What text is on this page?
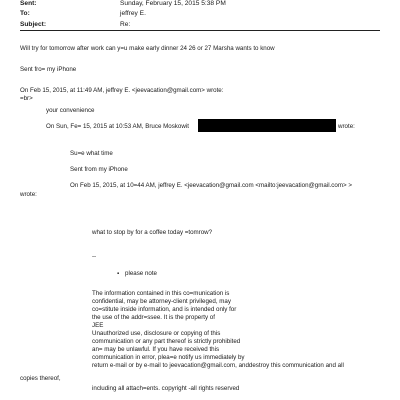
Sent:	Sunday, February 15, 2015 5:38 PM
To:	jeffrey E.
Subject:	Re:
Will try for tomorrow after work can y=u make early dinner 24 26 or 27 Marsha wants to know
Sent fro= my iPhone
On Feb 15, 2015, at 11:49 AM, jeffrey E. <jeevacation@gmail.com> wrote:
=br>
your convenience
On Sun, Fe= 15, 2015 at 10:53 AM, Bruce Moskowit	wrote:
Su=e what time
Sent from my iPhone
On Feb 15, 2015, at 10=44 AM, jeffrey E. <jeevacation@gmail.com <mailto:jeevacation@gmail.com> >
wrote:
what to stop by for a coffee today =tomrow?
--
▪ please note
The information contained in this co=munication is
confidential, may be attorney-client privileged, may
co=stitute inside information, and is intended only for
the use of the addr=ssee. It is the property of
JEE
Unauthorized use, disclosure or copying of this
communication or any part thereof is strictly prohibited
an= may be unlawful. If you have received this
communication in error, plea=e notify us immediately by
return e-mail or by e-mail to jeevacation@gmail.com, anddestroy this communication and all
copies thereof,
including all attach=ents. copyright -all rights reserved
